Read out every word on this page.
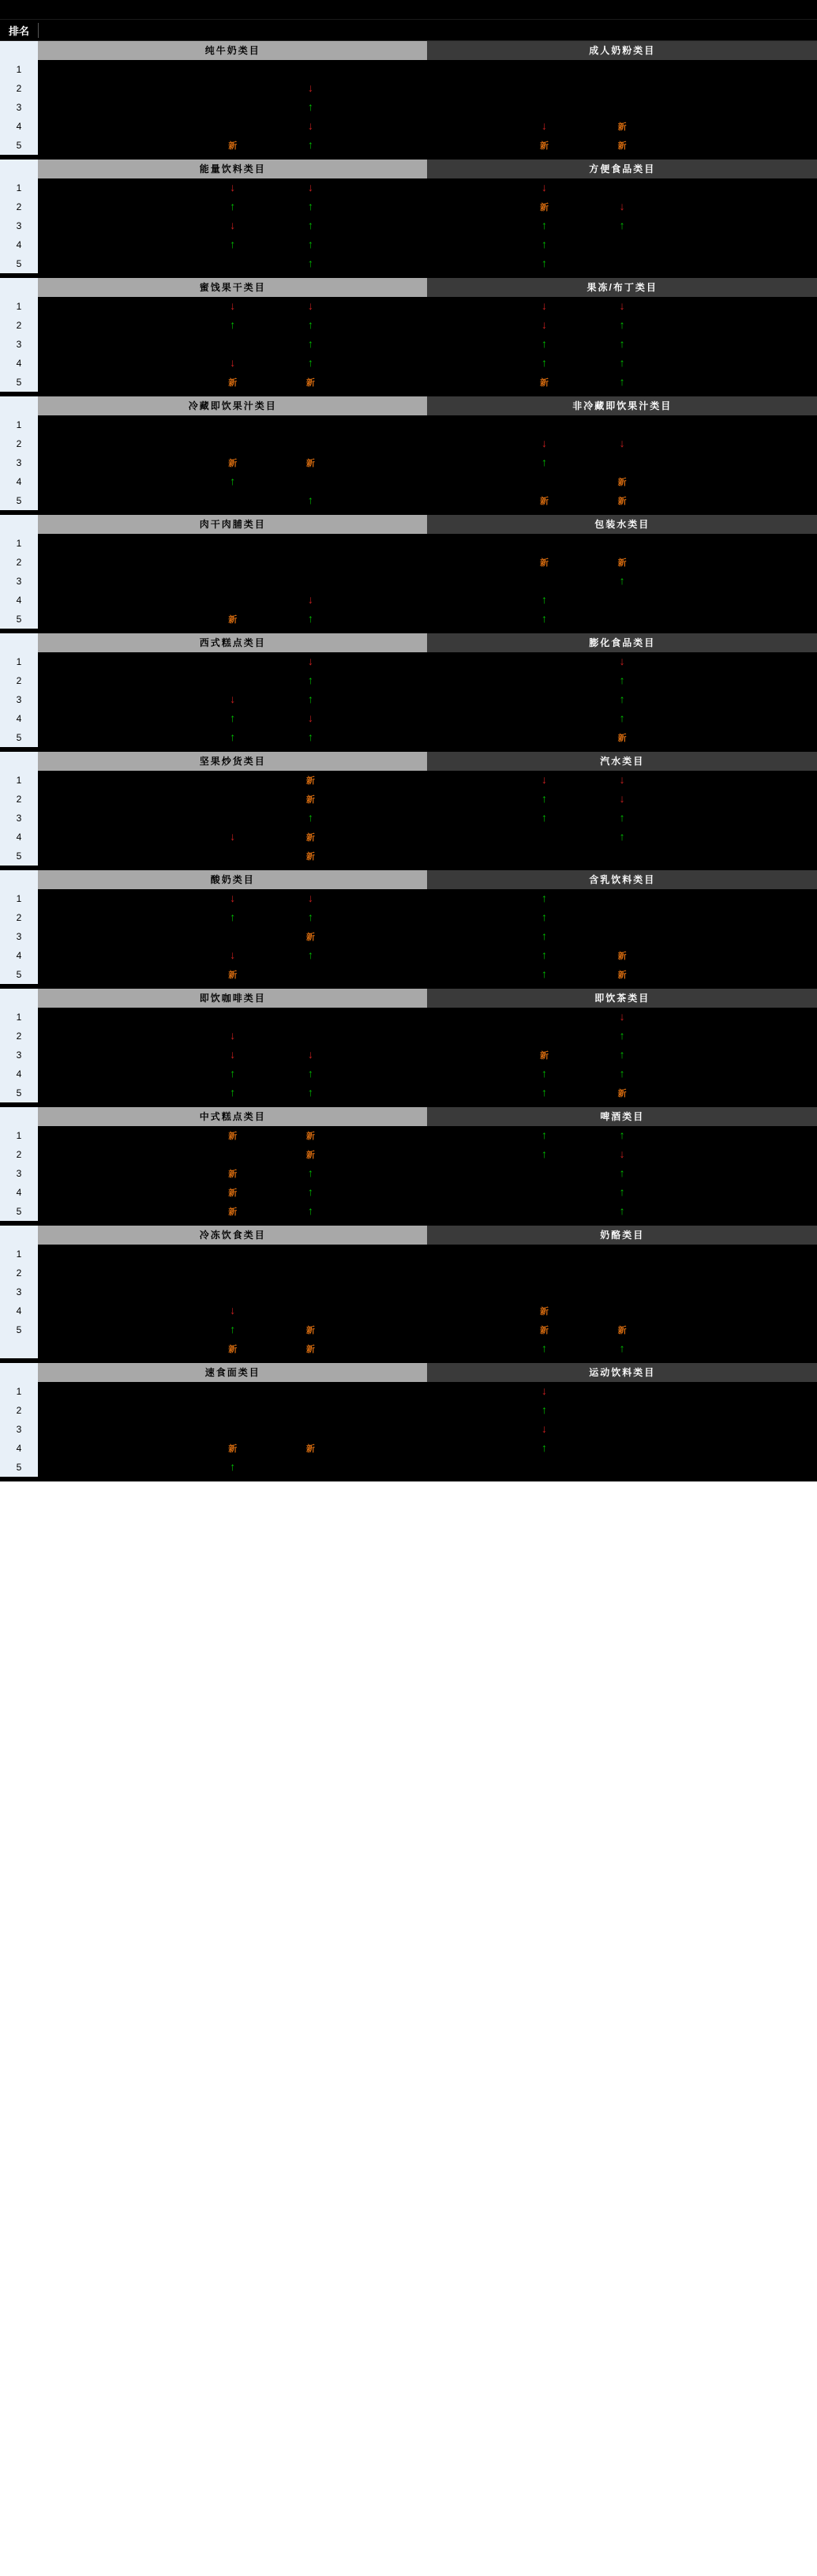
排名
	纯牛奶类目					成人奶粉类目			
1									
2				↓					
3				↑					
4				↓			↓	新	
5			新	↑			新	新	
	能量饮料类目					方便食品类目			
1			↓	↓			↓		
2			↑	↑			新	↓	
3			↓	↑			↑	↑	
4			↑	↑			↑		
5				↑			↑		
	蜜饯果干类目					果冻/布丁类目			
1			↓	↓			↓	↓	
2			↑	↑			↓	↑	
3				↑			↑	↑	
4			↓	↑			↑	↑	
5			新	新			新	↑	
	冷藏即饮果汁类目					非冷藏即饮果汁类目			
1									
2							↓	↓	
3			新	新			↑		
4			↑					新	
5				↑			新	新	
	肉干肉脯类目					包装水类目			
1									
2							新	新	
3								↑	
4				↓			↑		
5			新	↑			↑		
	西式糕点类目					膨化食品类目			
1				↓				↓	
2				↑				↑	
3			↓	↑				↑	
4			↑	↓				↑	
5			↑	↑				新	
	坚果炒货类目					汽水类目			
1				新			↓	↓	
2				新			↑	↓	
3				↑			↑	↑	
4			↓	新				↑	
5				新					
	酸奶类目					含乳饮料类目			
1			↓	↓			↑		
2			↑	↑			↑		
3				新			↑		
4			↓	↑			↑	新	
5			新				↑	新	
	即饮咖啡类目					即饮茶类目			
1								↓	
2			↓					↑	
3			↓	↓			新	↑	
4			↑	↑			↑	↑	
5			↑	↑			↑	新	
	中式糕点类目					啤酒类目			
1			新	新			↑	↑	
2				新			↑	↓	
3			新	↑				↑	
4			新	↑				↑	
5			新	↑				↑	
	冷冻饮食类目					奶酪类目			
1									
2									
3									
4			↓				新		
5			↑	新			新	新	
			新	新			↑	↑	
	速食面类目					运动饮料类目			
1							↓		
2							↑		
3							↓		
4			新	新			↑		
5			↑						
